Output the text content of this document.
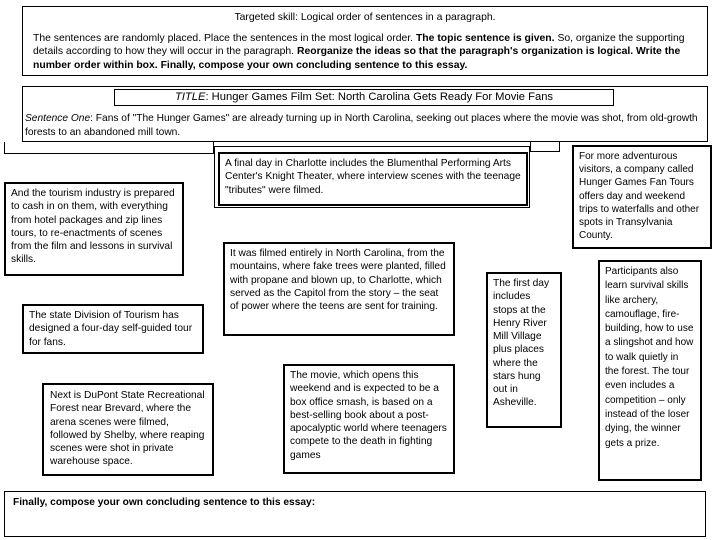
Targeted skill: Logical order of sentences in a paragraph.
The sentences are randomly placed. Place the sentences in the most logical order. The topic sentence is given. So, organize the supporting details according to how they will occur in the paragraph. Reorganize the ideas so that the paragraph's organization is logical. Write the number order within box. Finally, compose your own concluding sentence to this essay.
TITLE: Hunger Games Film Set: North Carolina Gets Ready For Movie Fans
Sentence One: Fans of "The Hunger Games" are already turning up in North Carolina, seeking out places where the movie was shot, from old-growth forests to an abandoned mill town.
And the tourism industry is prepared to cash in on them, with everything from hotel packages and zip lines tours, to re-enactments of scenes from the film and lessons in survival skills.
The state Division of Tourism has designed a four-day self-guided tour for fans.
Next is DuPont State Recreational Forest near Brevard, where the arena scenes were filmed, followed by Shelby, where reaping scenes were shot in private warehouse space.
A final day in Charlotte includes the Blumenthal Performing Arts Center's Knight Theater, where interview scenes with the teenage "tributes" were filmed.
It was filmed entirely in North Carolina, from the mountains, where fake trees were planted, filled with propane and blown up, to Charlotte, which served as the Capitol from the story – the seat of power where the teens are sent for training.
The movie, which opens this weekend and is expected to be a box office smash, is based on a best-selling book about a post-apocalyptic world where teenagers compete to the death in fighting games
The first day includes stops at the Henry River Mill Village plus places where the stars hung out in Asheville.
For more adventurous visitors, a company called Hunger Games Fan Tours offers day and weekend trips to waterfalls and other spots in Transylvania County.
Participants also learn survival skills like archery, camouflage, fire-building, how to use a slingshot and how to walk quietly in the forest. The tour even includes a competition – only instead of the loser dying, the winner gets a prize.
Finally, compose your own concluding sentence to this essay:
